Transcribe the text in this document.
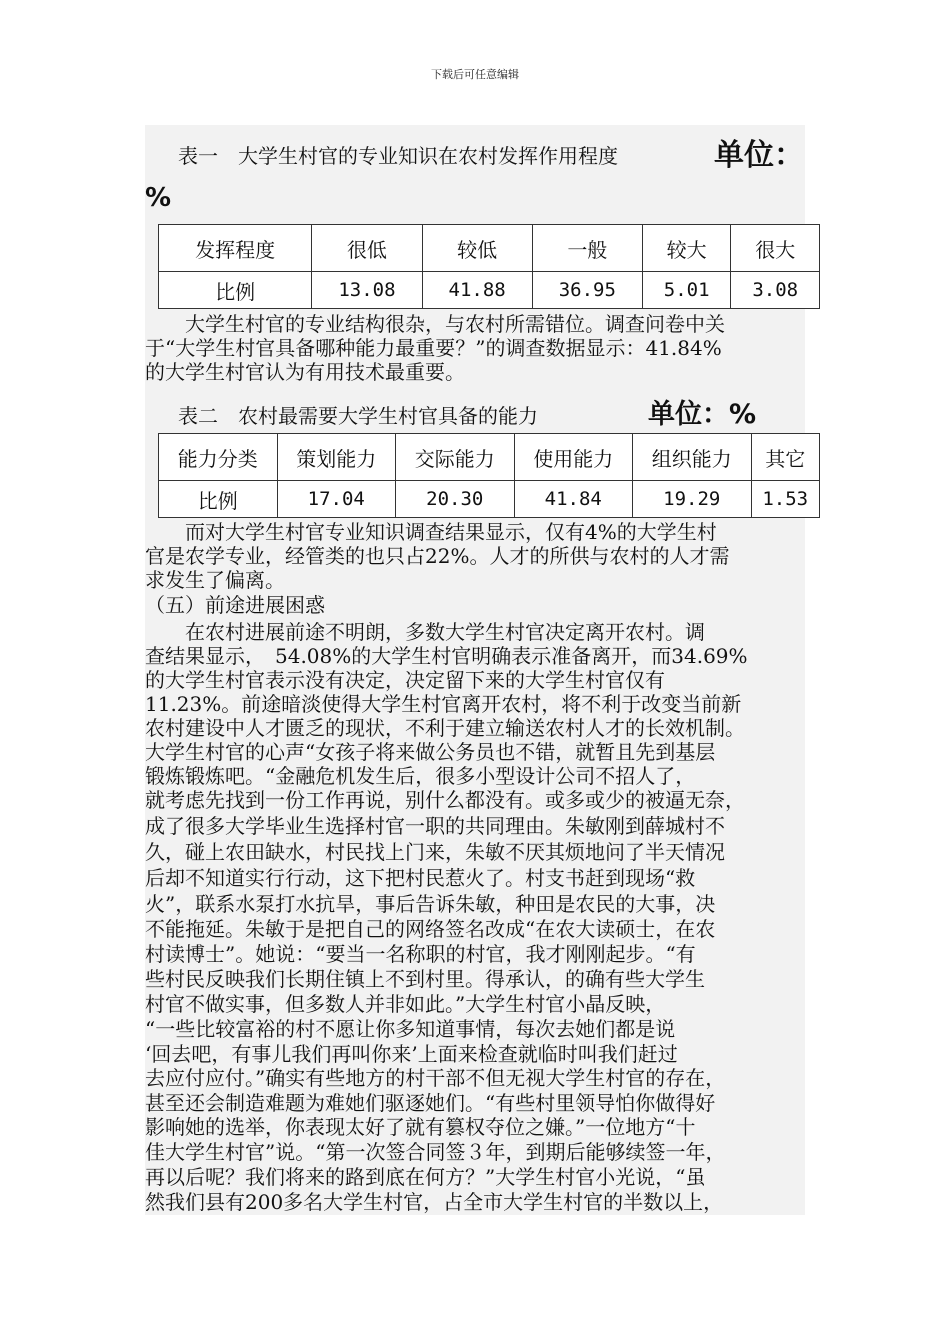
下载后可任意编辑
表一　大学生村官的专业知识在农村发挥作用程度	单位：
%
发挥程度	很低	较低	一般	较大	很大
比例	13.08	41.88	36.95	5.01	3.08
　　大学生村官的专业结构很杂，与农村所需错位。调查问卷中关
于“大学生村官具备哪种能力最重要？”的调查数据显示：41.84%
的大学生村官认为有用技术最重要。
表二　农村最需要大学生村官具备的能力	单位：%
能力分类	策划能力	交际能力	使用能力	组织能力	其它
比例	17.04	20.30	41.84	19.29	1.53
　　而对大学生村官专业知识调查结果显示，仅有4%的大学生村
官是农学专业，经管类的也只占22%。人才的所供与农村的人才需
求发生了偏离。
（五）前途进展困惑
　　在农村进展前途不明朗，多数大学生村官决定离开农村。调
查结果显示，　54.08%的大学生村官明确表示准备离开，而34.69%
的大学生村官表示没有决定，决定留下来的大学生村官仅有
11.23%。前途暗淡使得大学生村官离开农村，将不利于改变当前新
农村建设中人才匮乏的现状，不利于建立输送农村人才的长效机制。
大学生村官的心声“女孩子将来做公务员也不错，就暂且先到基层
锻炼锻炼吧。“金融危机发生后，很多小型设计公司不招人了，
就考虑先找到一份工作再说，别什么都没有。或多或少的被逼无奈，
成了很多大学毕业生选择村官一职的共同理由。朱敏刚到薛城村不
久，碰上农田缺水，村民找上门来，朱敏不厌其烦地问了半天情况
后却不知道实行行动，这下把村民惹火了。村支书赶到现场“救
火”，联系水泵打水抗旱，事后告诉朱敏，种田是农民的大事，决
不能拖延。朱敏于是把自己的网络签名改成“在农大读硕士，在农
村读博士”。她说：“要当一名称职的村官，我才刚刚起步。“有
些村民反映我们长期住镇上不到村里。得承认，的确有些大学生
村官不做实事，但多数人并非如此。”大学生村官小晶反映，
“一些比较富裕的村不愿让你多知道事情，每次去她们都是说
‘回去吧，有事儿我们再叫你来’上面来检查就临时叫我们赶过
去应付应付。”确实有些地方的村干部不但无视大学生村官的存在，
甚至还会制造难题为难她们驱逐她们。“有些村里领导怕你做得好
影响她的选举，你表现太好了就有篡权夺位之嫌。”一位地方“十
佳大学生村官”说。“第一次签合同签３年，到期后能够续签一年，
再以后呢？我们将来的路到底在何方？”大学生村官小光说，“虽
然我们县有200多名大学生村官，占全市大学生村官的半数以上，
